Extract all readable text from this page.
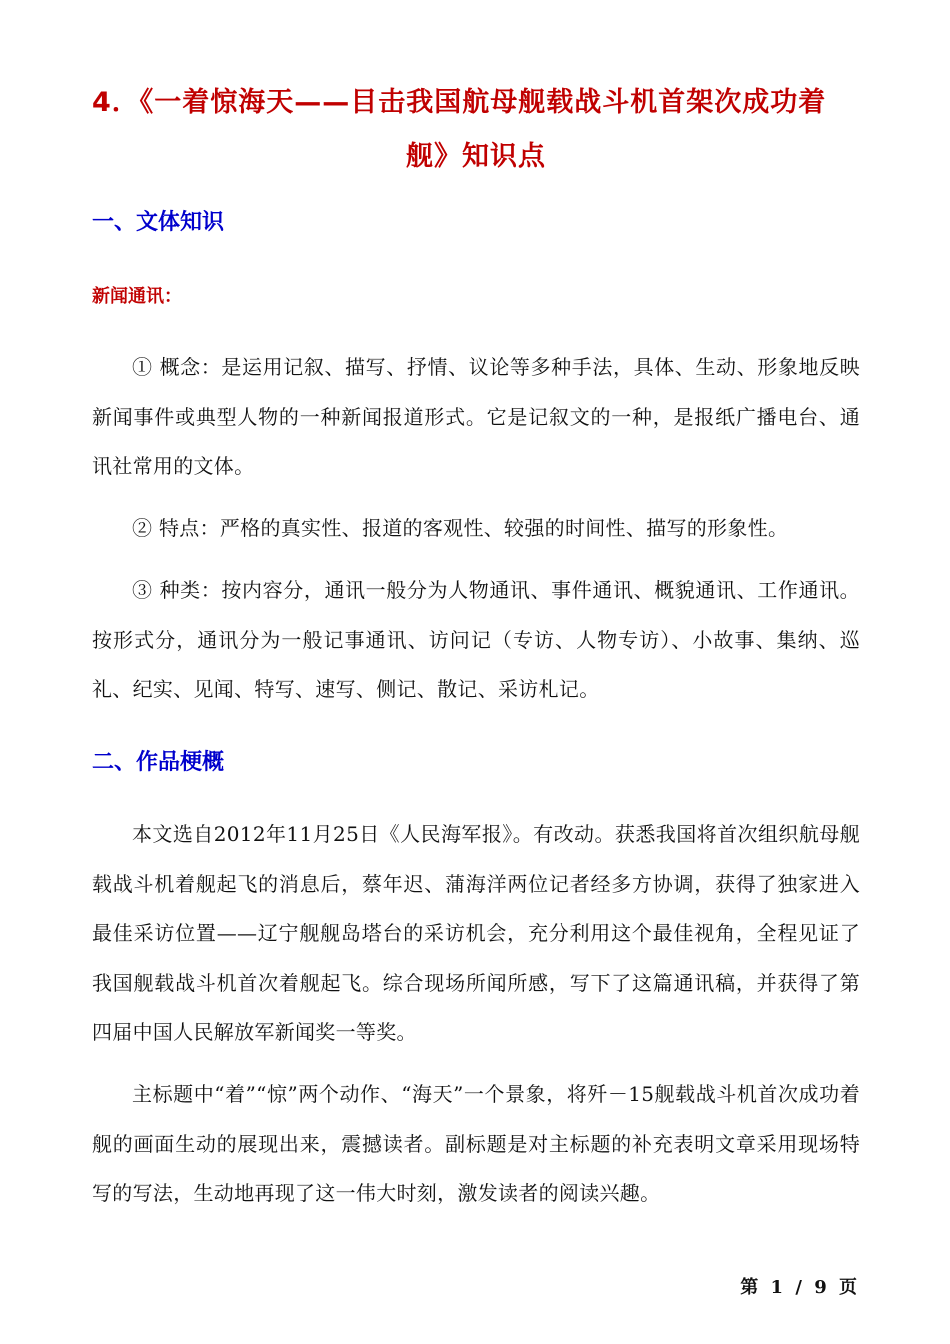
4．《一着惊海天——目击我国航母舰载战斗机首架次成功着
舰》知识点
一、文体知识
新闻通讯：

① 概念：是运用记叙、描写、抒情、议论等多种手法，具体、生动、形象地反映新闻事件或典型人物的一种新闻报道形式。它是记叙文的一种，是报纸广播电台、通讯社常用的文体。

② 特点：严格的真实性、报道的客观性、较强的时间性、描写的形象性。

③ 种类：按内容分，通讯一般分为人物通讯、事件通讯、概貌通讯、工作通讯。按形式分，通讯分为一般记事通讯、访问记（专访、人物专访）、小故事、集纳、巡礼、纪实、见闻、特写、速写、侧记、散记、采访札记。

二、作品梗概

本文选自2012年11月25日《人民海军报》。有改动。获悉我国将首次组织航母舰载战斗机着舰起飞的消息后，蔡年迟、蒲海洋两位记者经多方协调，获得了独家进入最佳采访位置——辽宁舰舰岛塔台的采访机会，充分利用这个最佳视角，全程见证了我国舰载战斗机首次着舰起飞。综合现场所闻所感，写下了这篇通讯稿，并获得了第四届中国人民解放军新闻奖一等奖。

主标题中“着”“惊”两个动作、“海天”一个景象，将歼－15舰载战斗机首次成功着舰的画面生动的展现出来，震撼读者。副标题是对主标题的补充表明文章采用现场特写的写法，生动地再现了这一伟大时刻，激发读者的阅读兴趣。

第 1 / 9 页
